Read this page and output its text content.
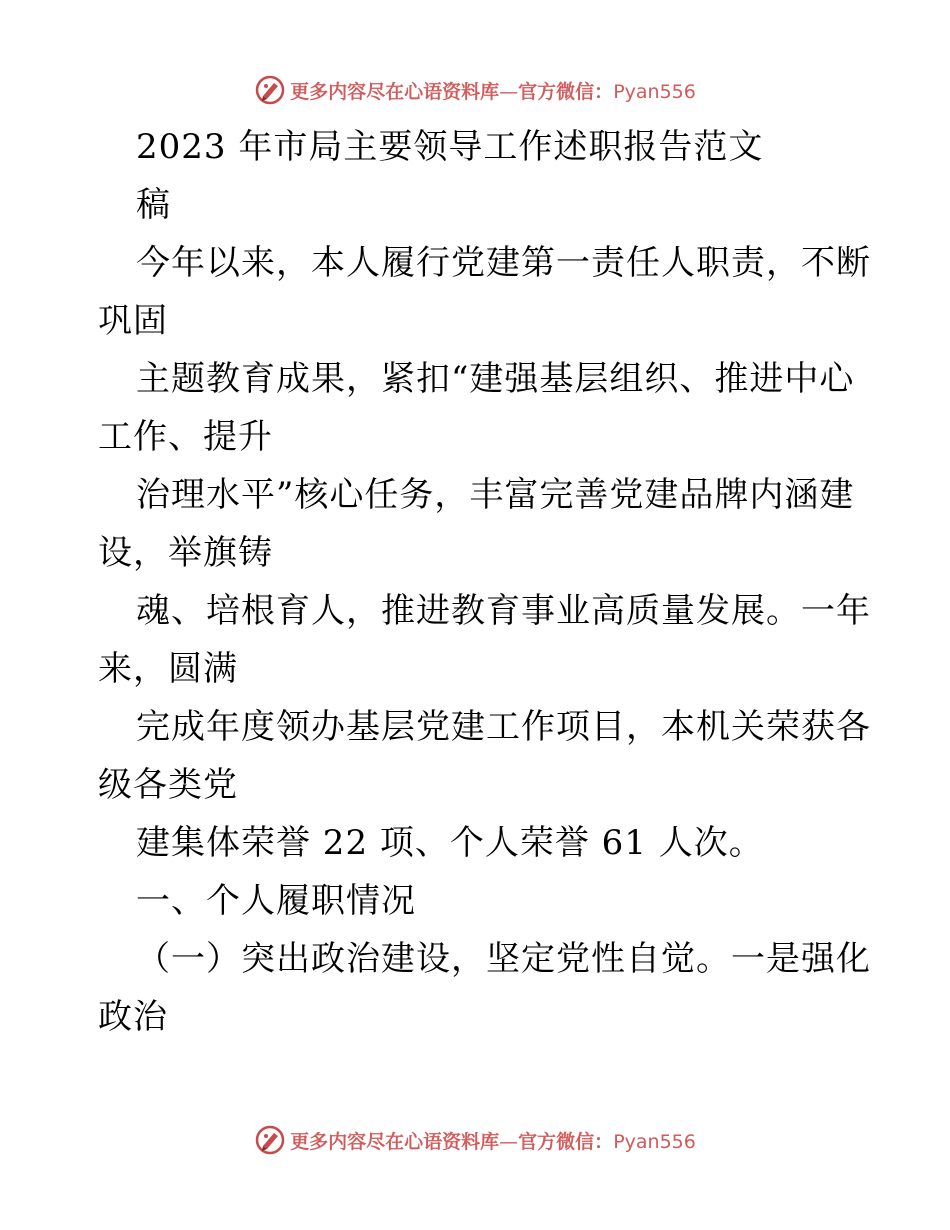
更多内容尽在心语资料库—官方微信：Pyan556
2023 年市局主要领导工作述职报告范文
稿
今年以来，本人履行党建第一责任人职责，不断
巩固
主题教育成果，紧扣“建强基层组织、推进中心
工作、提升
治理水平”核心任务，丰富完善党建品牌内涵建
设，举旗铸
魂、培根育人，推进教育事业高质量发展。一年
来，圆满
完成年度领办基层党建工作项目，本机关荣获各
级各类党
建集体荣誉 22 项、个人荣誉 61 人次。
一、个人履职情况
（一）突出政治建设，坚定党性自觉。一是强化
政治
更多内容尽在心语资料库—官方微信：Pyan556
